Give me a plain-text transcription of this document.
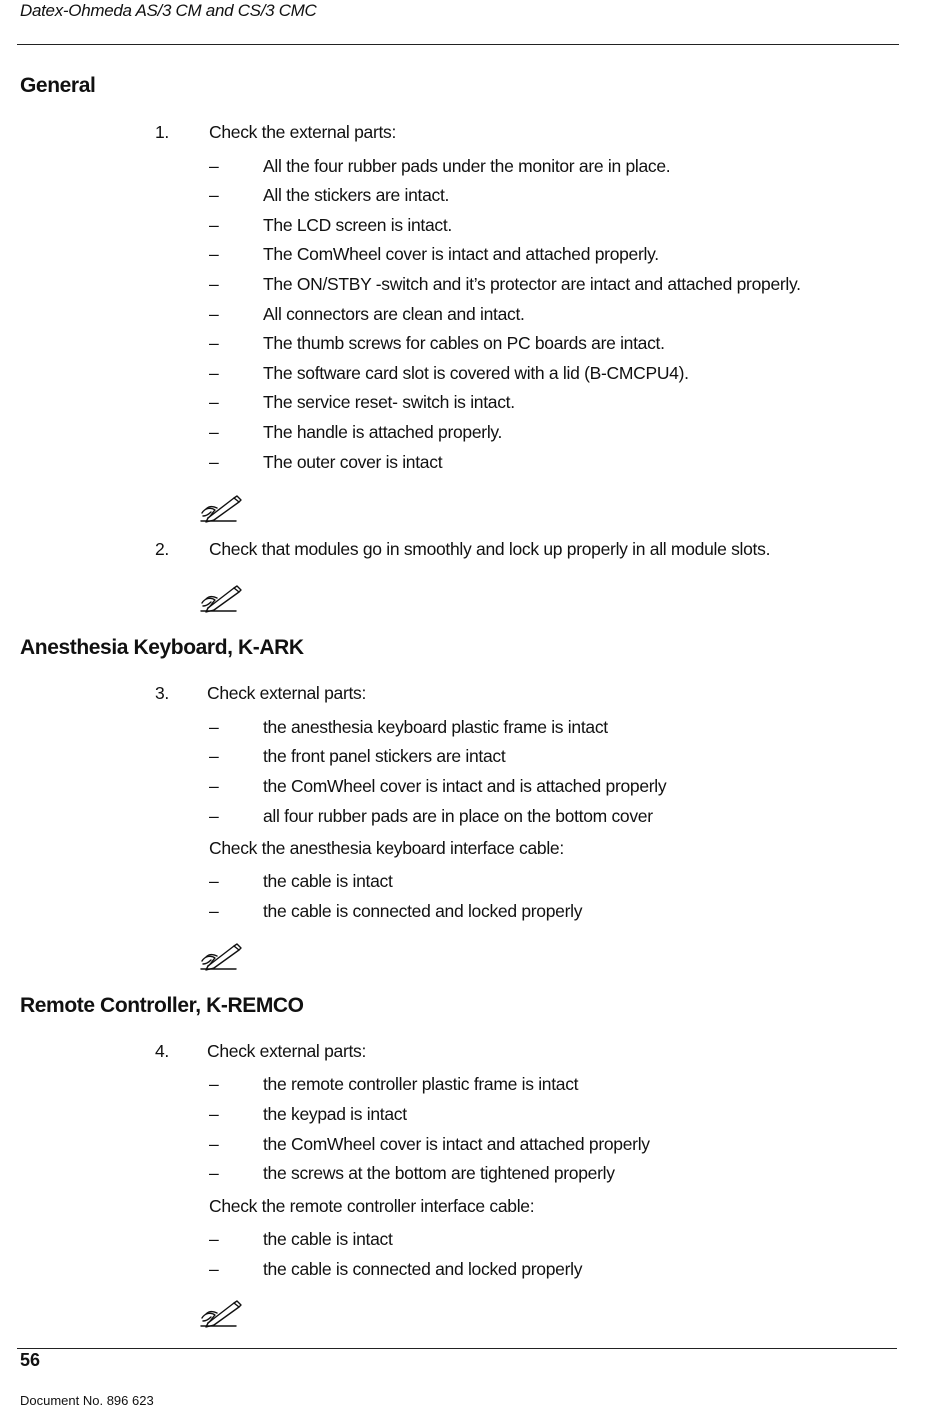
Datex-Ohmeda AS/3 CM and CS/3 CMC
General
1. Check the external parts:
–	All the four rubber pads under the monitor are in place.
–	All the stickers are intact.
–	The LCD screen is intact.
–	The ComWheel cover is intact and attached properly.
–	The ON/STBY -switch and it’s protector are intact and attached properly.
–	All connectors are clean and intact.
–	The thumb screws for cables on PC boards are intact.
–	The software card slot is covered with a lid (B-CMCPU4).
–	The service reset- switch is intact.
–	The handle is attached properly.
–	The outer cover is intact
2. Check that modules go in smoothly and lock up properly in all module slots.
Anesthesia Keyboard, K-ARK
3. Check external parts:
–	the anesthesia keyboard plastic frame is intact
–	the front panel stickers are intact
–	the ComWheel cover is intact and is attached properly
–	all four rubber pads are in place on the bottom cover
Check the anesthesia keyboard interface cable:
–	the cable is intact
–	the cable is connected and locked properly
Remote Controller, K-REMCO
4. Check external parts:
–	the remote controller plastic frame is intact
–	the keypad is intact
–	the ComWheel cover is intact and attached properly
–	the screws at the bottom are tightened properly
Check the remote controller interface cable:
–	the cable is intact
–	the cable is connected and locked properly
56
Document No. 896 623
